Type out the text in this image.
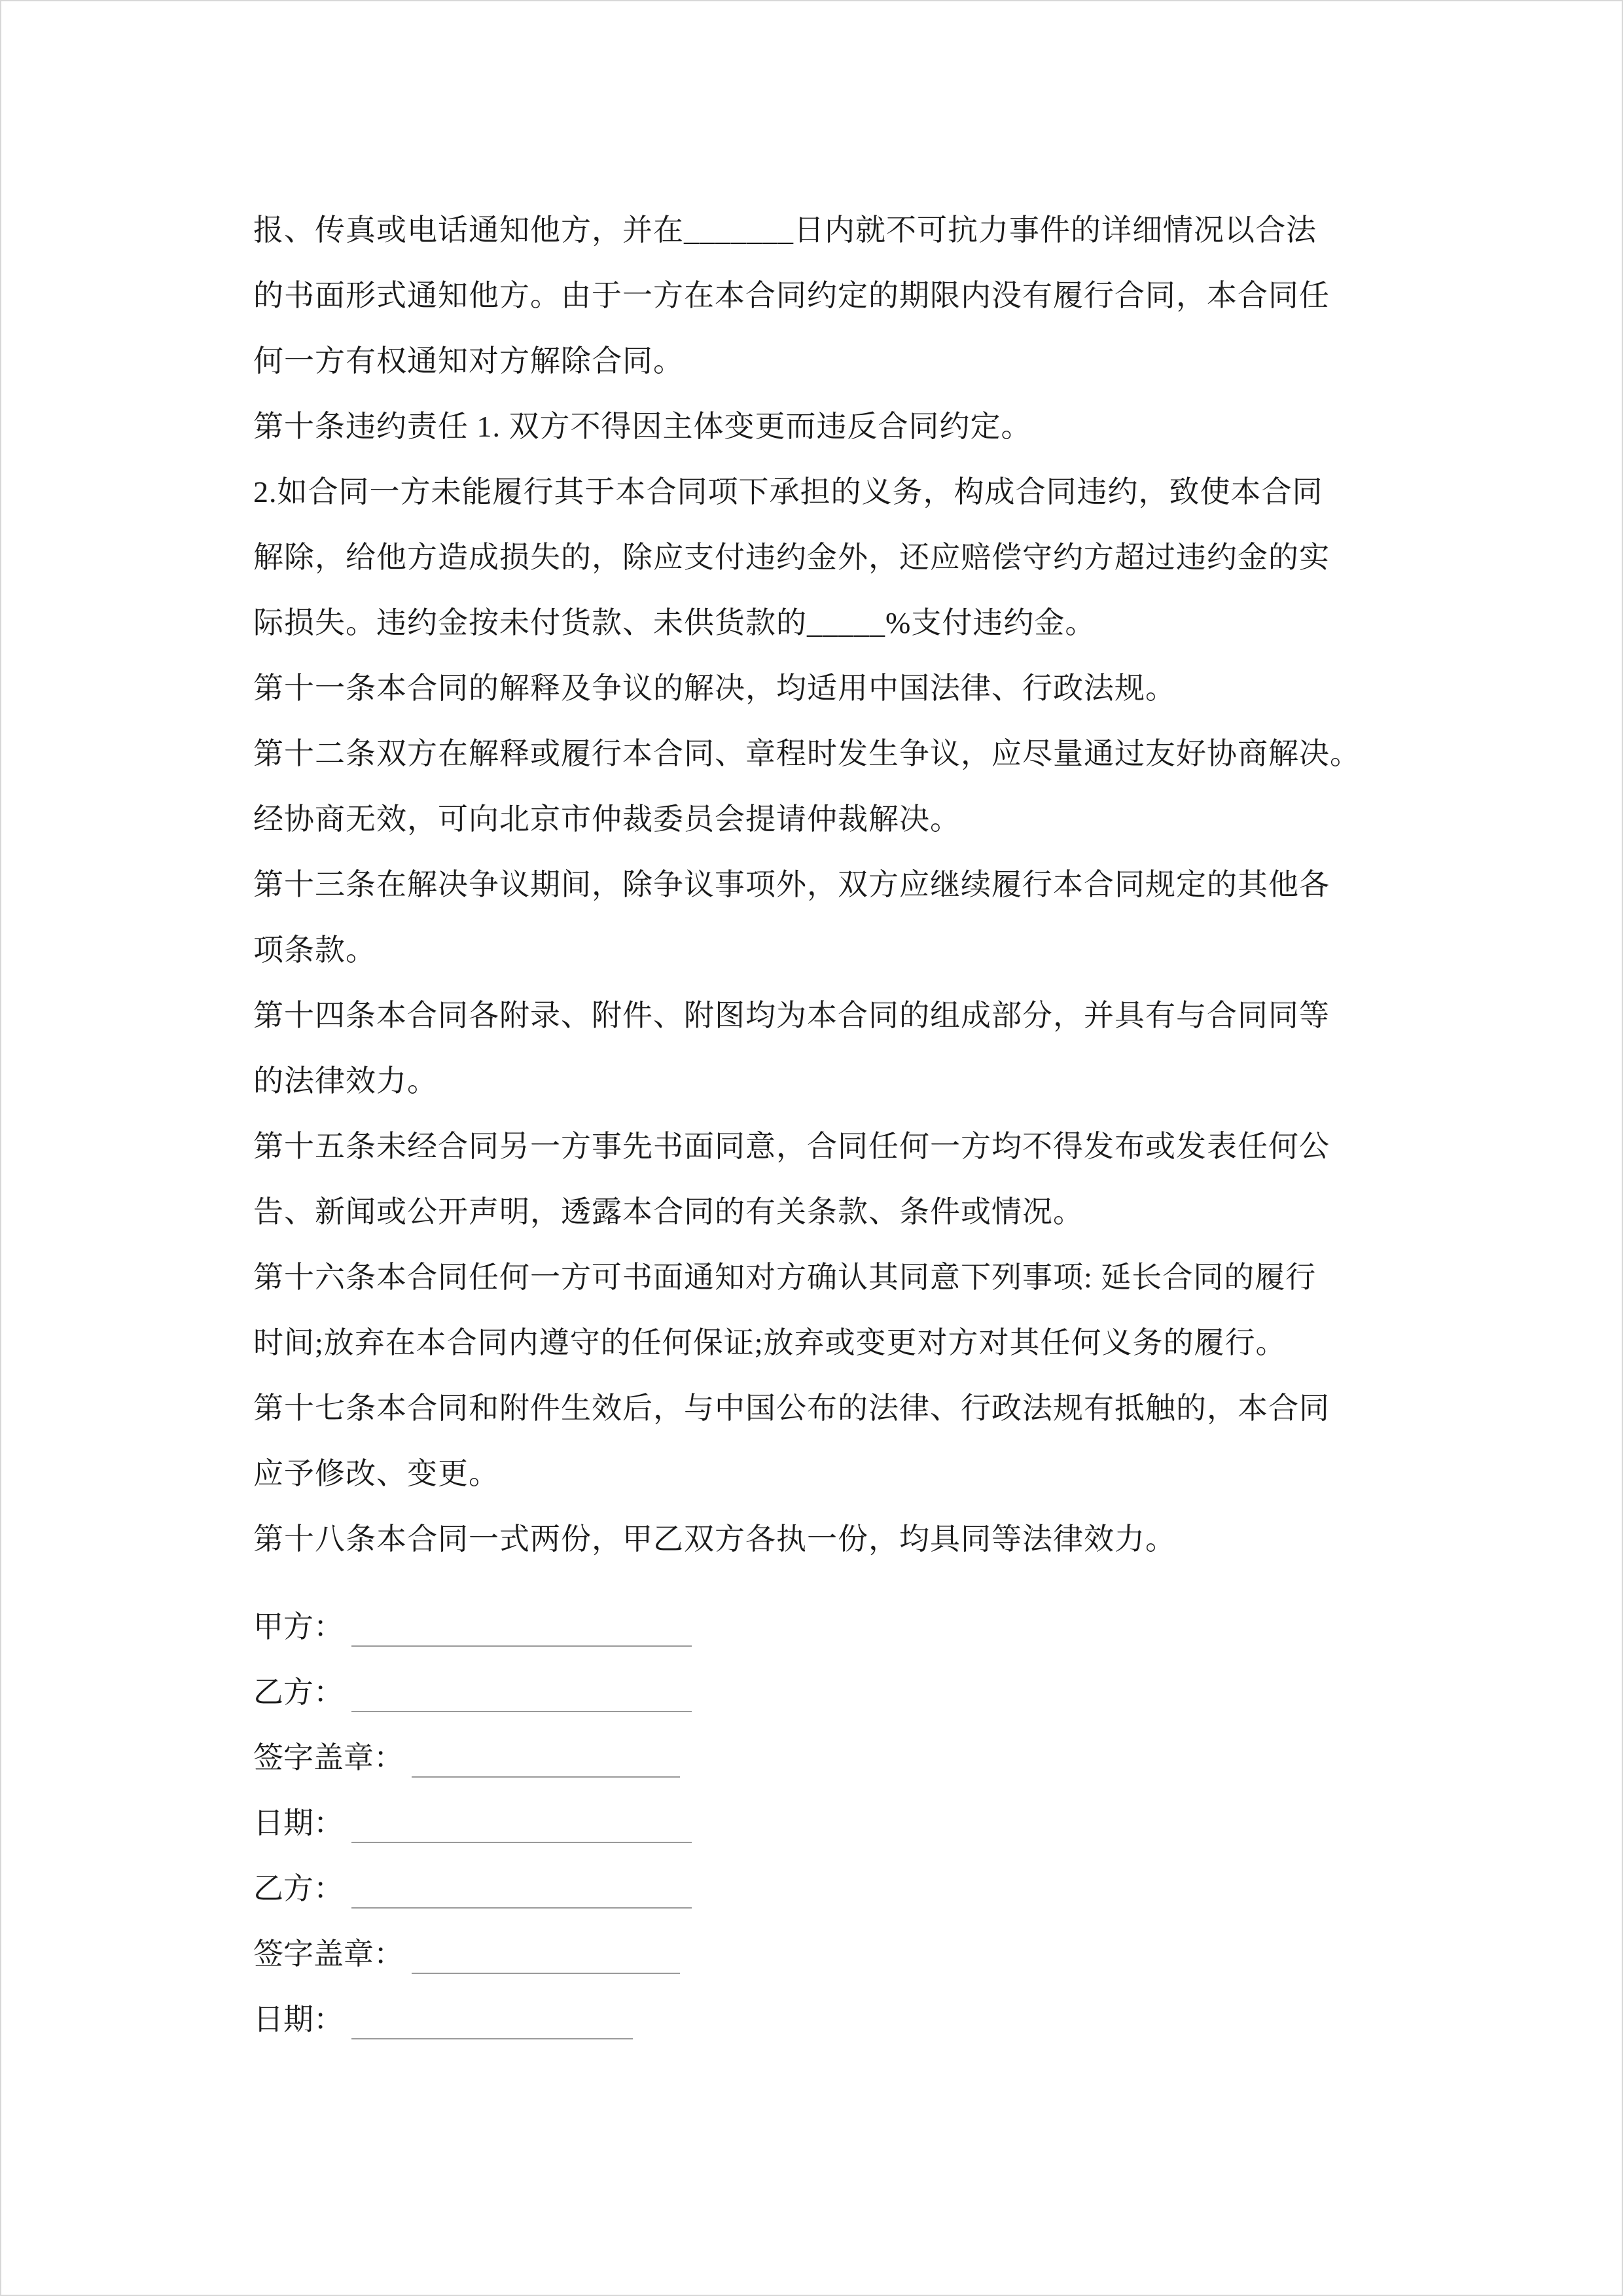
报、传真或电话通知他方，并在_______日内就不可抗力事件的详细情况以合法
的书面形式通知他方。由于一方在本合同约定的期限内没有履行合同，本合同任
何一方有权通知对方解除合同。
第十条违约责任 1. 双方不得因主体变更而违反合同约定。
2.如合同一方未能履行其于本合同项下承担的义务，构成合同违约，致使本合同
解除，给他方造成损失的，除应支付违约金外，还应赔偿守约方超过违约金的实
际损失。违约金按未付货款、未供货款的_____%支付违约金。
第十一条本合同的解释及争议的解决，均适用中国法律、行政法规。
第十二条双方在解释或履行本合同、章程时发生争议，应尽量通过友好协商解决。
经协商无效，可向北京市仲裁委员会提请仲裁解决。
第十三条在解决争议期间，除争议事项外，双方应继续履行本合同规定的其他各
项条款。
第十四条本合同各附录、附件、附图均为本合同的组成部分，并具有与合同同等
的法律效力。
第十五条未经合同另一方事先书面同意，合同任何一方均不得发布或发表任何公
告、新闻或公开声明，透露本合同的有关条款、条件或情况。
第十六条本合同任何一方可书面通知对方确认其同意下列事项: 延长合同的履行
时间;放弃在本合同内遵守的任何保证;放弃或变更对方对其任何义务的履行。
第十七条本合同和附件生效后，与中国公布的法律、行政法规有抵触的，本合同
应予修改、变更。
第十八条本合同一式两份，甲乙双方各执一份，均具同等法律效力。
甲方：
乙方：
签字盖章：
日期：
乙方：
签字盖章：
日期：
